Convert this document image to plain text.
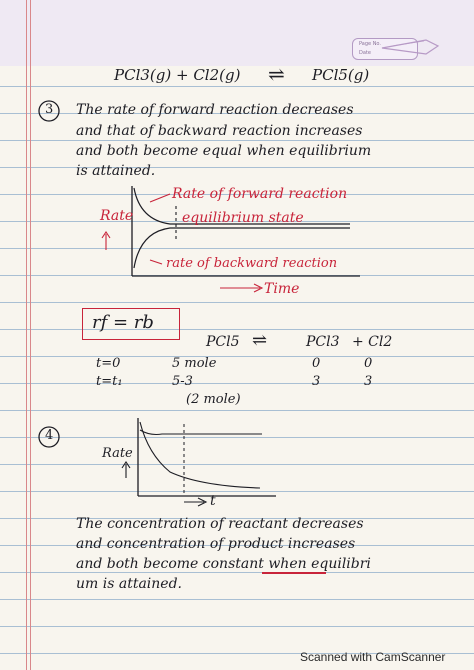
Page No.
Date
PCl3(g) + Cl2(g) ⇌ PCl5(g)
3 The rate of forward reaction decreases
and that of backward reaction increases
and both become equal when equilibrium
is attained.
Rate
Rate of forward reaction
equilibrium state
rate of backward reaction
Time
rf = rb
PCl5 ⇌	PCl3 + Cl2
t=0	5 mole	0	0
t=t₁	5-3	3	3
(2 mole)
4
Rate
t
The concentration of reactant decreases
and concentration of product increases
and both become constant when equilibri
um is attained.
Scanned with CamScanner
